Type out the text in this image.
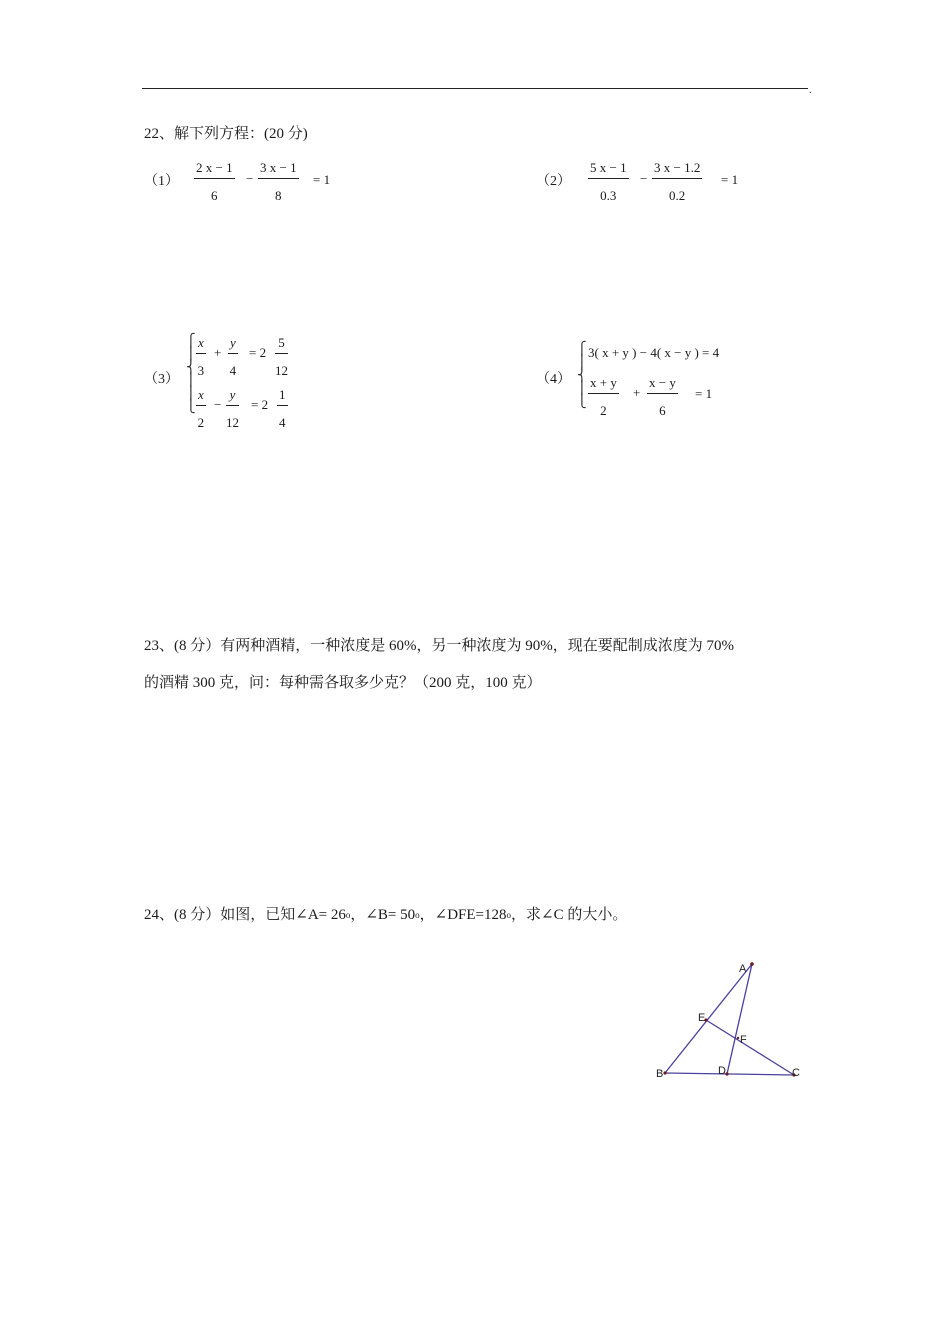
.
22、解下列方程：(20 分)
$(1) \frac{2 x - 1}{6} - \frac{3 x - 1}{8} = 1$	$(2) \frac{5 x - 1}{0.3} - \frac{3 x - 1.2}{0.2} = 1$
（3）
⎧
⎪
⎨
⎪
⎪
⎩
$\frac{x}{3} + \frac{y}{4} = 2 \frac{5}{12}$
$\frac{x}{2} - \frac{y}{12} = 2 \frac{1}{4}$
（4）
⎧
⎪
⎨
⎪
⎩
3( x + y ) − 4( x − y ) = 4
$\frac{x + y}{2} + \frac{x - y}{6} = 1$
23、(8 分）有两种酒精，一种浓度是 60%，另一种浓度为 90%，现在要配制成浓度为 70%
的酒精 300 克，问：每种需各取多少克？（200 克，100 克）
24、(8 分）如图，已知∠A= 26o，∠B= 50o，∠DFE=128o，求∠C 的大小。
A
B	C
D
E
F
